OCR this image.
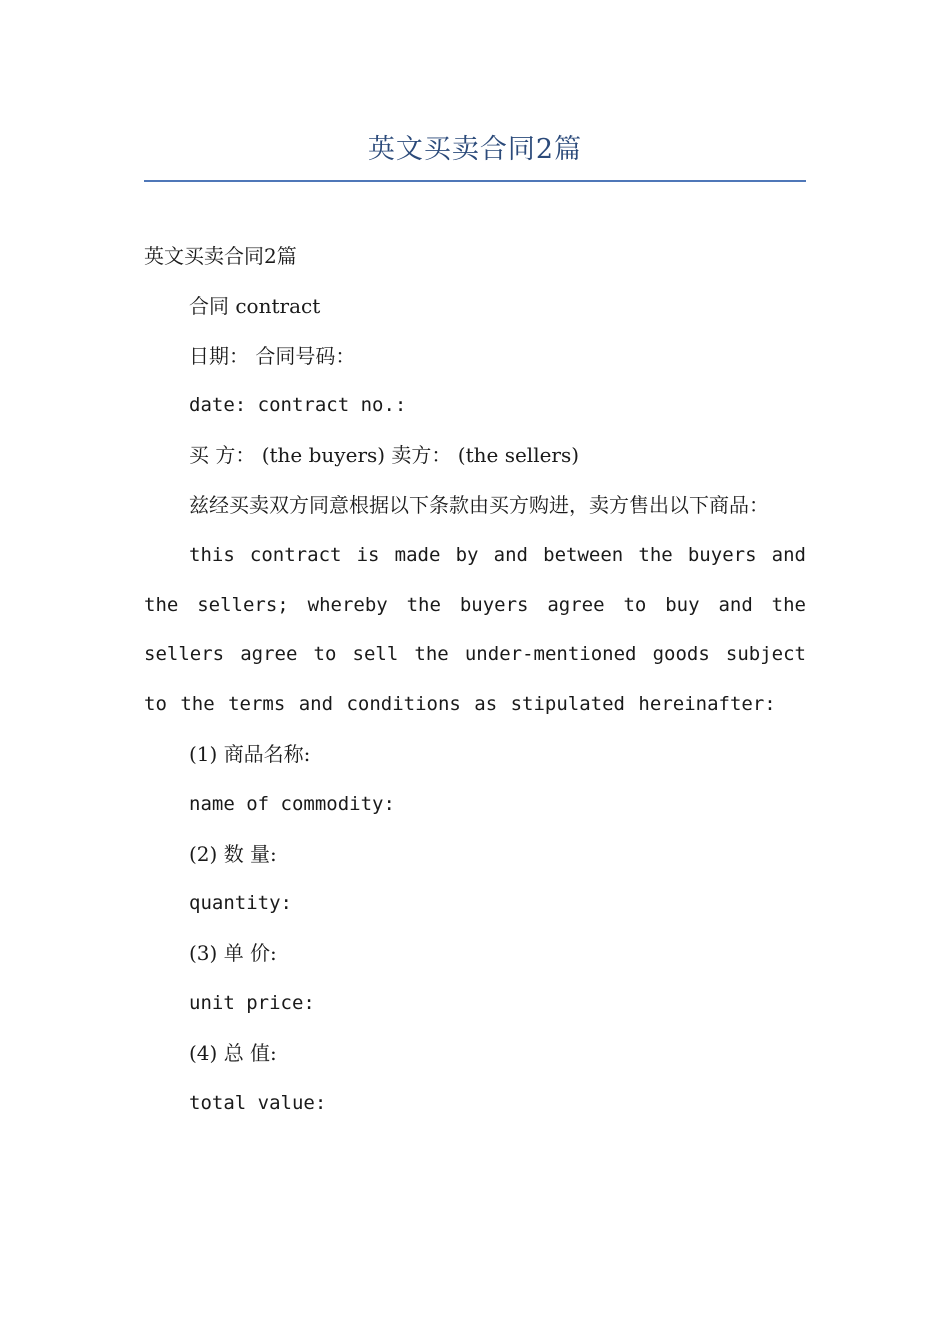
英文买卖合同2篇

英文买卖合同2篇

合同 contract

日期： 合同号码：

date: contract no.:

买 方： (the buyers) 卖方： (the sellers)

兹经买卖双方同意根据以下条款由买方购进，卖方售出以下商品：

this contract is made by and between the buyers and the sellers; whereby the buyers agree to buy and the sellers agree to sell the under-mentioned goods subject to the terms and conditions as stipulated hereinafter:

(1) 商品名称:

name of commodity:

(2) 数 量:

quantity:

(3) 单 价:

unit price:

(4) 总 值:

total value:
